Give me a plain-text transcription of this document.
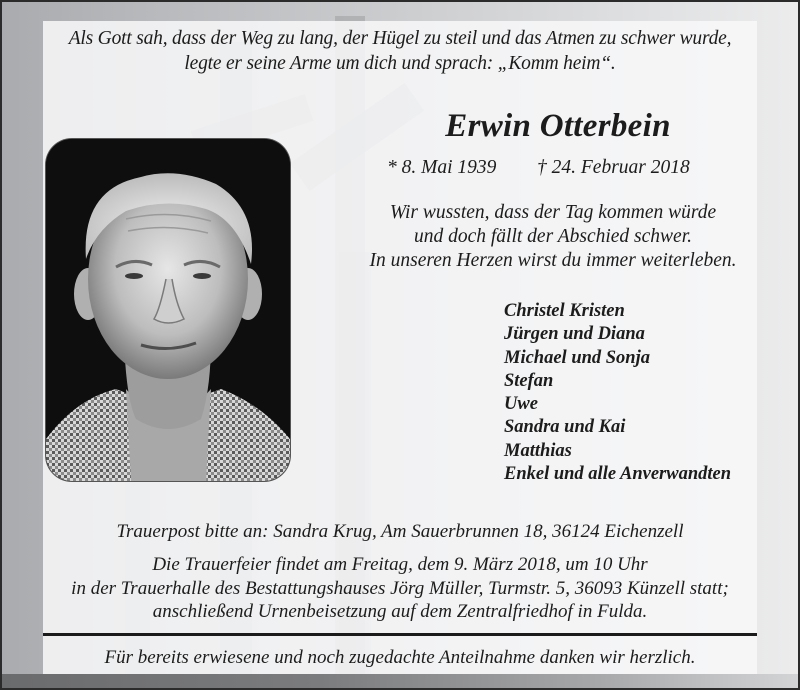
Als Gott sah, dass der Weg zu lang, der Hügel zu steil und das Atmen zu schwer wurde,
legte er seine Arme um dich und sprach: „Komm heim“.
Erwin Otterbein
* 8. Mai 1939 † 24. Februar 2018
Wir wussten, dass der Tag kommen würde
und doch fällt der Abschied schwer.
In unseren Herzen wirst du immer weiterleben.
Christel Kristen
Jürgen und Diana
Michael und Sonja
Stefan
Uwe
Sandra und Kai
Matthias
Enkel und alle Anverwandten
Trauerpost bitte an: Sandra Krug, Am Sauerbrunnen 18, 36124 Eichenzell
Die Trauerfeier findet am Freitag, dem 9. März 2018, um 10 Uhr
in der Trauerhalle des Bestattungshauses Jörg Müller, Turmstr. 5, 36093 Künzell statt;
anschließend Urnenbeisetzung auf dem Zentralfriedhof in Fulda.
Für bereits erwiesene und noch zugedachte Anteilnahme danken wir herzlich.
